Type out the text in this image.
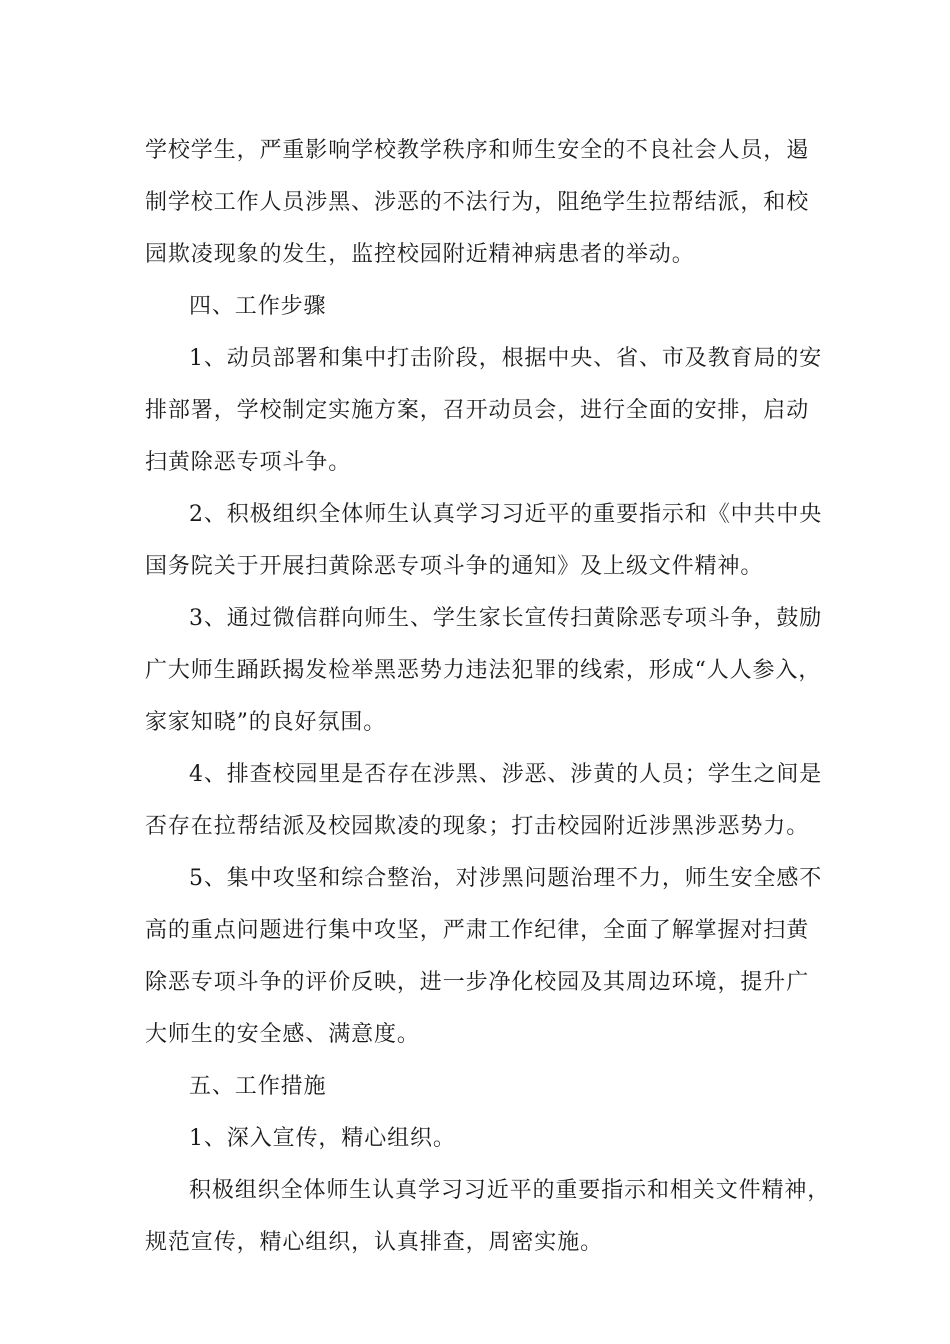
学校学生，严重影响学校教学秩序和师生安全的不良社会人员，遏
制学校工作人员涉黑、涉恶的不法行为，阻绝学生拉帮结派，和校
园欺凌现象的发生，监控校园附近精神病患者的举动。
四、工作步骤
1、动员部署和集中打击阶段，根据中央、省、市及教育局的安
排部署，学校制定实施方案，召开动员会，进行全面的安排，启动
扫黄除恶专项斗争。
2、积极组织全体师生认真学习习近平的重要指示和《中共中央
国务院关于开展扫黄除恶专项斗争的通知》及上级文件精神。
3、通过微信群向师生、学生家长宣传扫黄除恶专项斗争，鼓励
广大师生踊跃揭发检举黑恶势力违法犯罪的线索，形成“人人参入，
家家知晓”的良好氛围。
4、排查校园里是否存在涉黑、涉恶、涉黄的人员；学生之间是
否存在拉帮结派及校园欺凌的现象；打击校园附近涉黑涉恶势力。
5、集中攻坚和综合整治，对涉黑问题治理不力，师生安全感不
高的重点问题进行集中攻坚，严肃工作纪律，全面了解掌握对扫黄
除恶专项斗争的评价反映，进一步净化校园及其周边环境，提升广
大师生的安全感、满意度。
五、工作措施
1、深入宣传，精心组织。
积极组织全体师生认真学习习近平的重要指示和相关文件精神，
规范宣传，精心组织，认真排查，周密实施。
